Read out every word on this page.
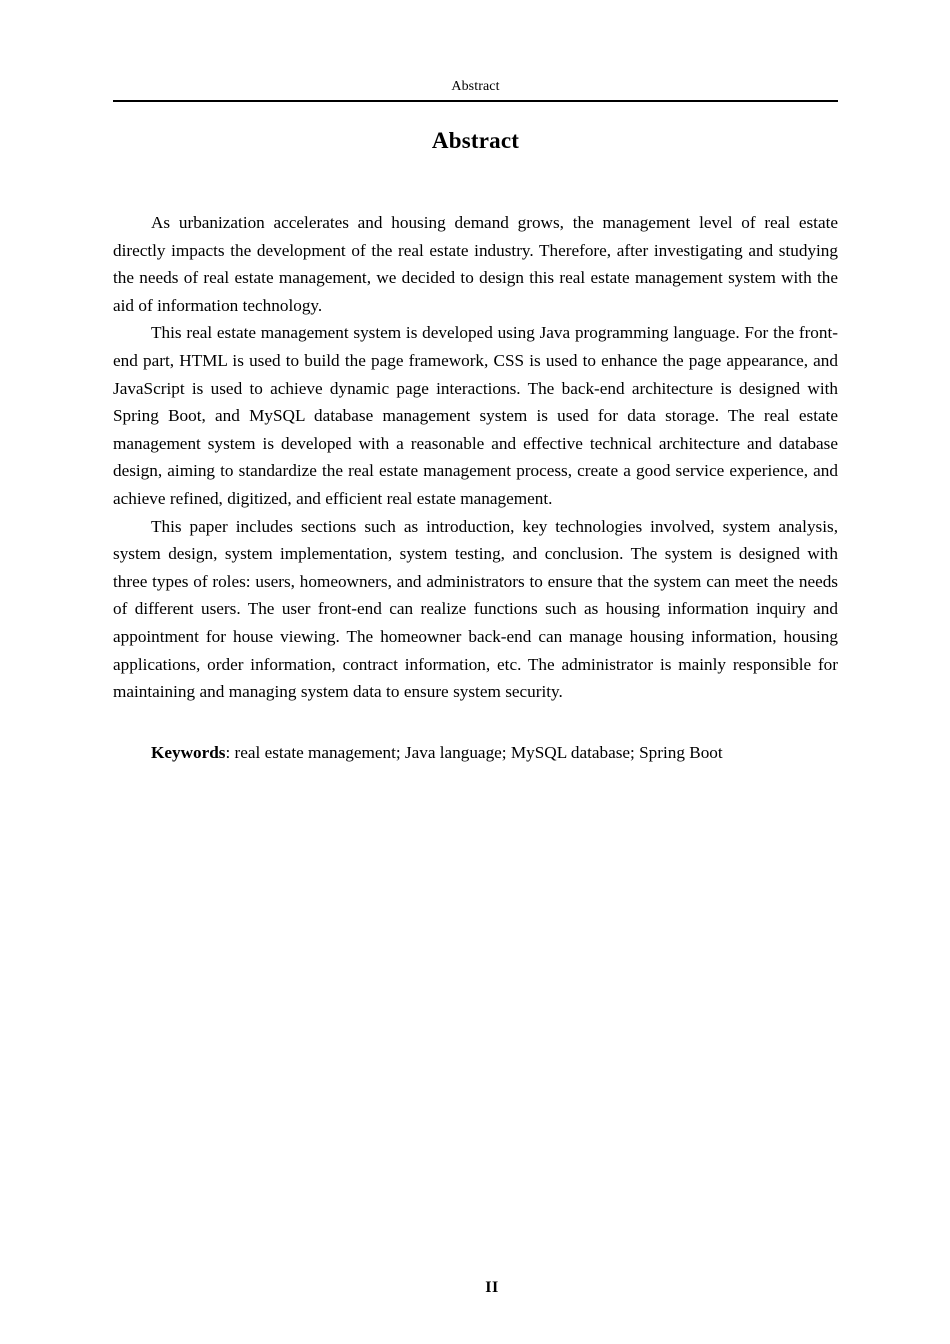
Abstract
Abstract

As urbanization accelerates and housing demand grows, the management level of real estate directly impacts the development of the real estate industry. Therefore, after investigating and studying the needs of real estate management, we decided to design this real estate management system with the aid of information technology.

This real estate management system is developed using Java programming language. For the front-end part, HTML is used to build the page framework, CSS is used to enhance the page appearance, and JavaScript is used to achieve dynamic page interactions. The back-end architecture is designed with Spring Boot, and MySQL database management system is used for data storage. The real estate management system is developed with a reasonable and effective technical architecture and database design, aiming to standardize the real estate management process, create a good service experience, and achieve refined, digitized, and efficient real estate management.

This paper includes sections such as introduction, key technologies involved, system analysis, system design, system implementation, system testing, and conclusion. The system is designed with three types of roles: users, homeowners, and administrators to ensure that the system can meet the needs of different users. The user front-end can realize functions such as housing information inquiry and appointment for house viewing. The homeowner back-end can manage housing information, housing applications, order information, contract information, etc. The administrator is mainly responsible for maintaining and managing system data to ensure system security.

Keywords: real estate management; Java language; MySQL database; Spring Boot

II
